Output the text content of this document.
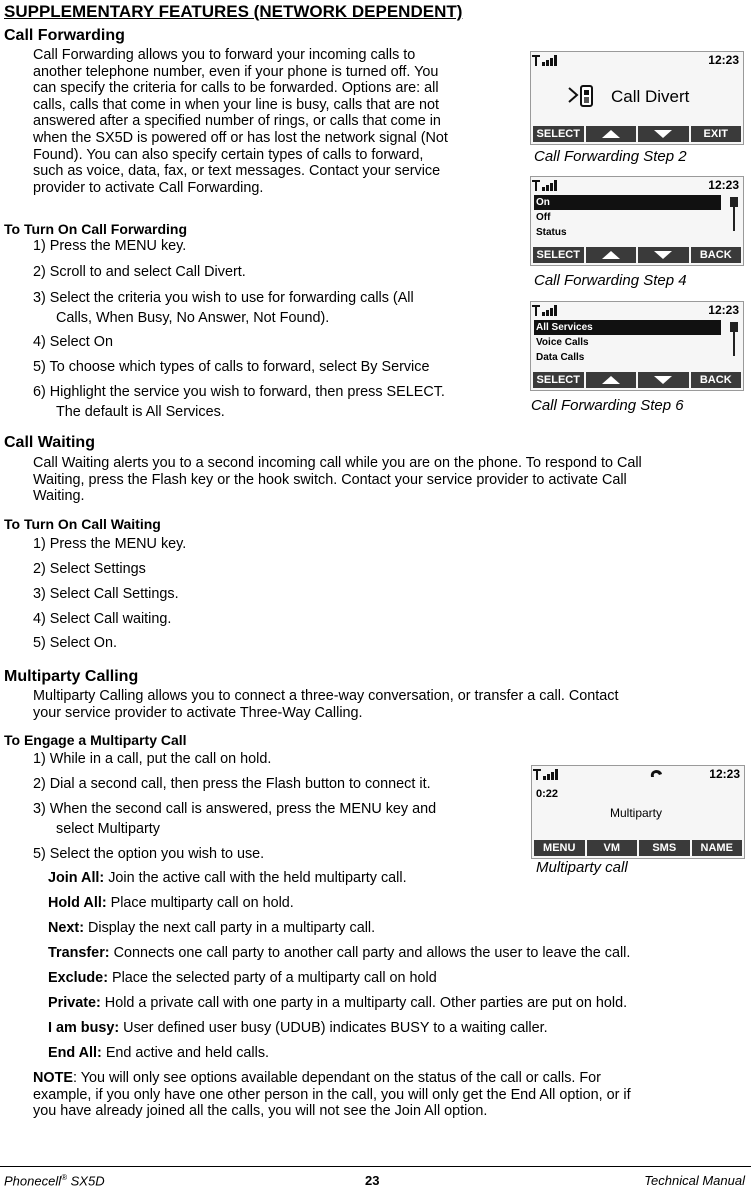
SUPPLEMENTARY FEATURES (NETWORK DEPENDENT)
Call Forwarding
Call Forwarding allows you to forward your incoming calls to
another telephone number, even if your phone is turned off. You
can specify the criteria for calls to be forwarded. Options are: all
calls, calls that come in when your line is busy, calls that are not
answered after a specified number of rings, or calls that come in
when the SX5D is powered off or has lost the network signal (Not
Found). You can also specify certain types of calls to forward,
such as voice, data, fax, or text messages. Contact your service
provider to activate Call Forwarding.
To Turn On Call Forwarding
1) Press the MENU key.
2) Scroll to and select Call Divert.
3) Select the criteria you wish to use for forwarding calls (All
Calls, When Busy, No Answer, Not Found).
4) Select On
5) To choose which types of calls to forward, select By Service
6) Highlight the service you wish to forward, then press SELECT.
The default is All Services.
12:23
Call Divert
SELECT	EXIT
Call Forwarding Step 2
12:23
On
Off
Status
SELECT	BACK
Call Forwarding Step 4
12:23
All Services
Voice Calls
Data Calls
SELECT	BACK
Call Forwarding Step 6
Call Waiting
Call Waiting alerts you to a second incoming call while you are on the phone. To respond to Call
Waiting, press the Flash key or the hook switch. Contact your service provider to activate Call
Waiting.
To Turn On Call Waiting
1) Press the MENU key.
2) Select Settings
3) Select Call Settings.
4) Select Call waiting.
5) Select On.
Multiparty Calling
Multiparty Calling allows you to connect a three-way conversation, or transfer a call. Contact
your service provider to activate Three-Way Calling.
To Engage a Multiparty Call
1) While in a call, put the call on hold.
2) Dial a second call, then press the Flash button to connect it.
3) When the second call is answered, press the MENU key and
select Multiparty
5) Select the option you wish to use.
12:23
0:22
Multiparty
MENU	VM	SMS	NAME
Multiparty call
Join All: Join the active call with the held multiparty call.
Hold All: Place multiparty call on hold.
Next: Display the next call party in a multiparty call.
Transfer: Connects one call party to another call party and allows the user to leave the call.
Exclude: Place the selected party of a multiparty call on hold
Private: Hold a private call with one party in a multiparty call. Other parties are put on hold.
I am busy: User defined user busy (UDUB) indicates BUSY to a waiting caller.
End All: End active and held calls.
NOTE: You will only see options available dependant on the status of the call or calls. For
example, if you only have one other person in the call, you will only get the End All option, or if
you have already joined all the calls, you will not see the Join All option.
Phonecell® SX5D	23	Technical Manual
